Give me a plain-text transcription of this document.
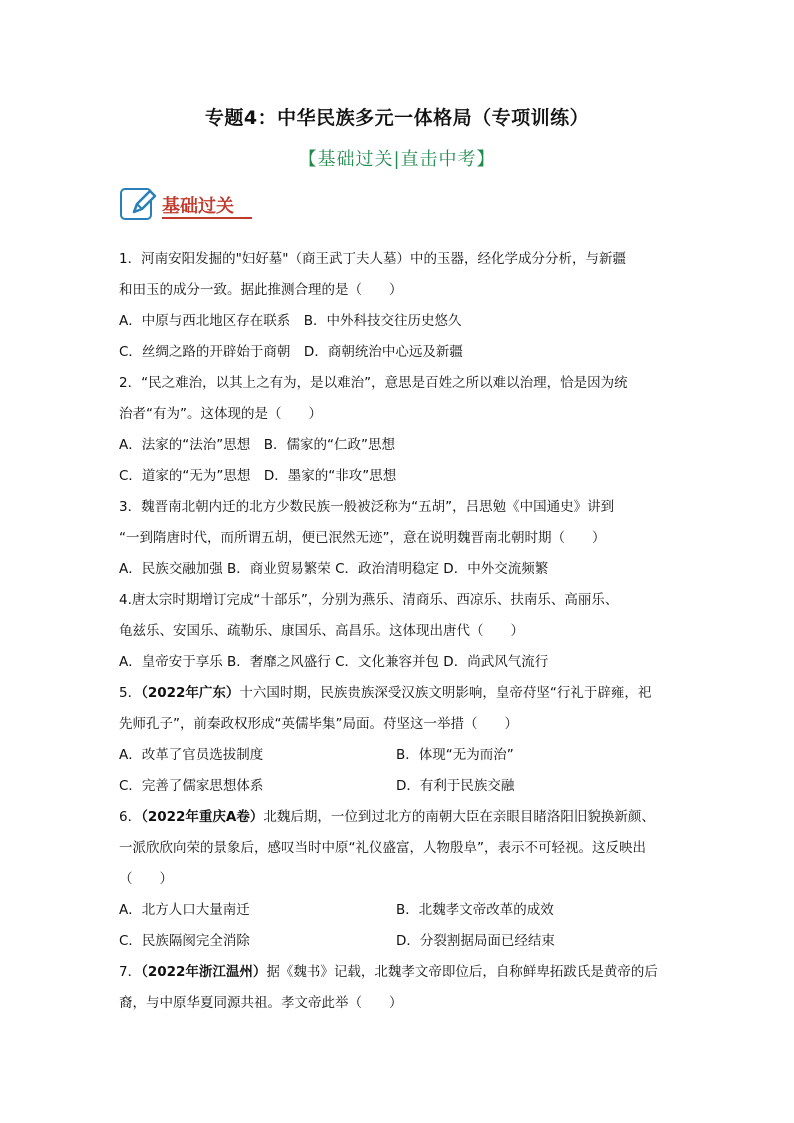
专题4：中华民族多元一体格局（专项训练）
【基础过关|直击中考】
基础过关
1．河南安阳发掘的"妇好墓"（商王武丁夫人墓）中的玉器，经化学成分分析，与新疆
和田玉的成分一致。据此推测合理的是（　　）
A．中原与西北地区存在联系　B．中外科技交往历史悠久
C．丝绸之路的开辟始于商朝　D．商朝统治中心远及新疆
2．“民之难治，以其上之有为，是以难治”，意思是百姓之所以难以治理，恰是因为统
治者“有为”。这体现的是（　　）
A．法家的“法治”思想　B．儒家的“仁政”思想
C．道家的“无为”思想　D．墨家的“非攻”思想
3．魏晋南北朝内迁的北方少数民族一般被泛称为“五胡”，吕思勉《中国通史》讲到
“一到隋唐时代，而所谓五胡，便已泯然无迹”，意在说明魏晋南北朝时期（　　）
A．民族交融加强 B．商业贸易繁荣 C．政治清明稳定 D．中外交流频繁
4.唐太宗时期增订完成“十部乐”，分别为燕乐、清商乐、西凉乐、扶南乐、高丽乐、
龟兹乐、安国乐、疏勒乐、康国乐、高昌乐。这体现出唐代（　　）
A．皇帝安于享乐 B．奢靡之风盛行 C．文化兼容并包 D．尚武风气流行
5．（2022年广东）十六国时期，民族贵族深受汉族文明影响，皇帝苻坚“行礼于辟雍，祀
先师孔子”，前秦政权形成“英儒毕集”局面。苻坚这一举措（　　）
A．改革了官员选拔制度	B．体现“无为而治”
C．完善了儒家思想体系	D．有利于民族交融
6．（2022年重庆A卷）北魏后期，一位到过北方的南朝大臣在亲眼目睹洛阳旧貌换新颜、
一派欣欣向荣的景象后，感叹当时中原“礼仪盛富，人物殷阜”，表示不可轻视。这反映出
（　　）
A．北方人口大量南迁	B．北魏孝文帝改革的成效
C．民族隔阂完全消除	D．分裂割据局面已经结束
7．（2022年浙江温州）据《魏书》记载，北魏孝文帝即位后，自称鲜卑拓跋氏是黄帝的后
裔，与中原华夏同源共祖。孝文帝此举（　　）
